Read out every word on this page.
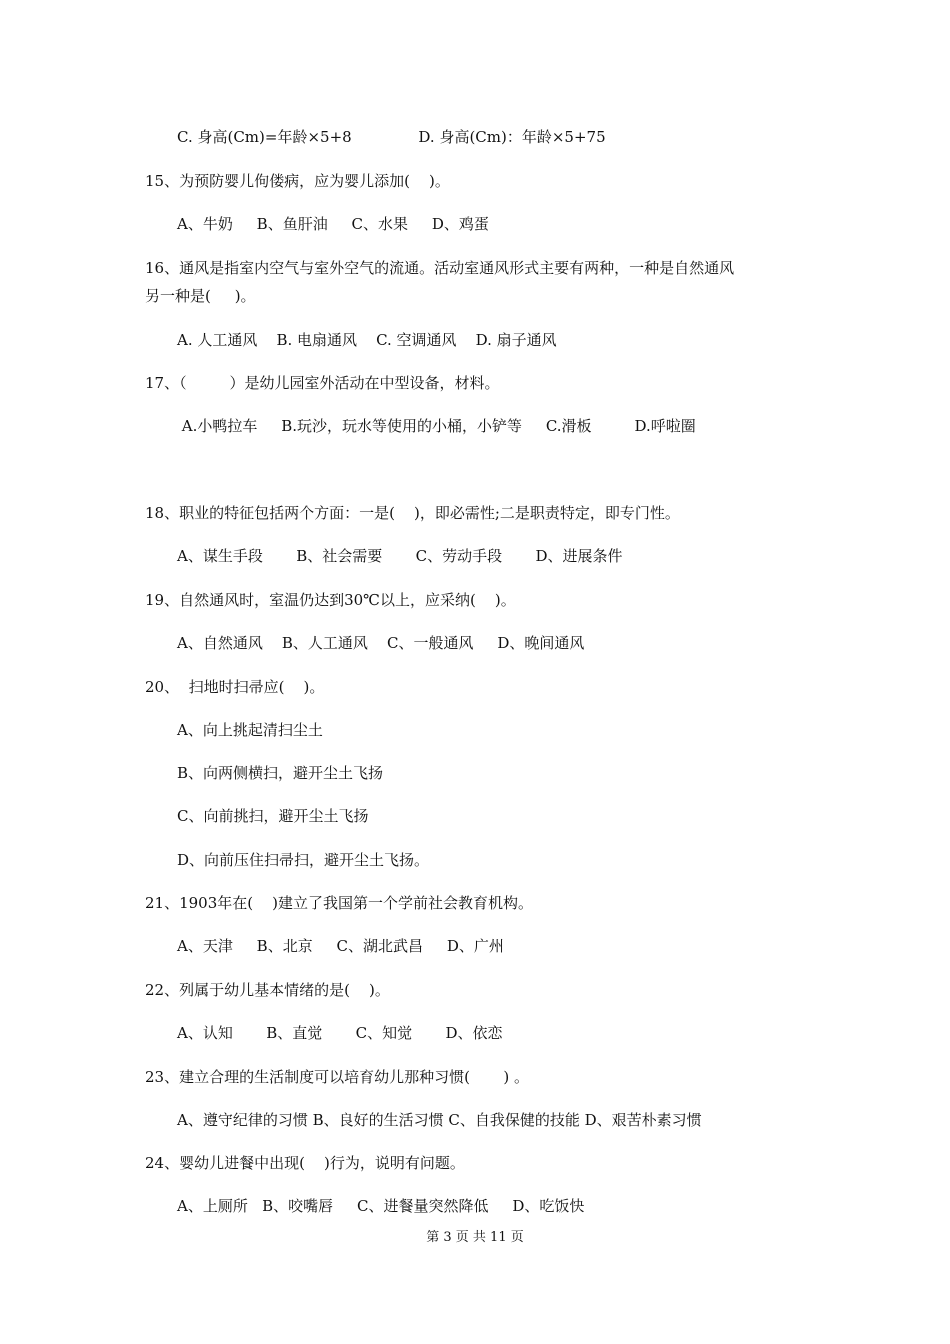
C. 身高(Cm)=年龄×5+8              D. 身高(Cm)：年龄×5+75
15、为预防婴儿佝偻病，应为婴儿添加(    )。
A、牛奶     B、鱼肝油     C、水果     D、鸡蛋
16、通风是指室内空气与室外空气的流通。活动室通风形式主要有两种，一种是自然通风
另一种是(     )。
A. 人工通风    B. 电扇通风    C. 空调通风    D. 扇子通风
17、（         ）是幼儿园室外活动在中型设备，材料。
A.小鸭拉车     B.玩沙，玩水等使用的小桶，小铲等     C.滑板         D.呼啦圈
18、职业的特征包括两个方面：一是(    )，即必需性;二是职责特定，即专门性。
A、谋生手段       B、社会需要       C、劳动手段       D、进展条件
19、自然通风时，室温仍达到30℃以上，应采纳(    )。
A、自然通风    B、人工通风    C、一般通风     D、晚间通风
20、  扫地时扫帚应(    )。
A、向上挑起清扫尘土
B、向两侧横扫，避开尘土飞扬
C、向前挑扫，避开尘土飞扬
D、向前压住扫帚扫，避开尘土飞扬。
21、1903年在(    )建立了我国第一个学前社会教育机构。
A、天津     B、北京     C、湖北武昌     D、广州
22、列属于幼儿基本情绪的是(    )。
A、认知       B、直觉       C、知觉       D、依恋
23、建立合理的生活制度可以培育幼儿那种习惯(       ) 。
A、遵守纪律的习惯 B、良好的生活习惯 C、自我保健的技能 D、艰苦朴素习惯
24、婴幼儿进餐中出现(    )行为，说明有问题。
A、上厕所   B、咬嘴唇     C、进餐量突然降低     D、吃饭快
第 3 页 共 11 页
